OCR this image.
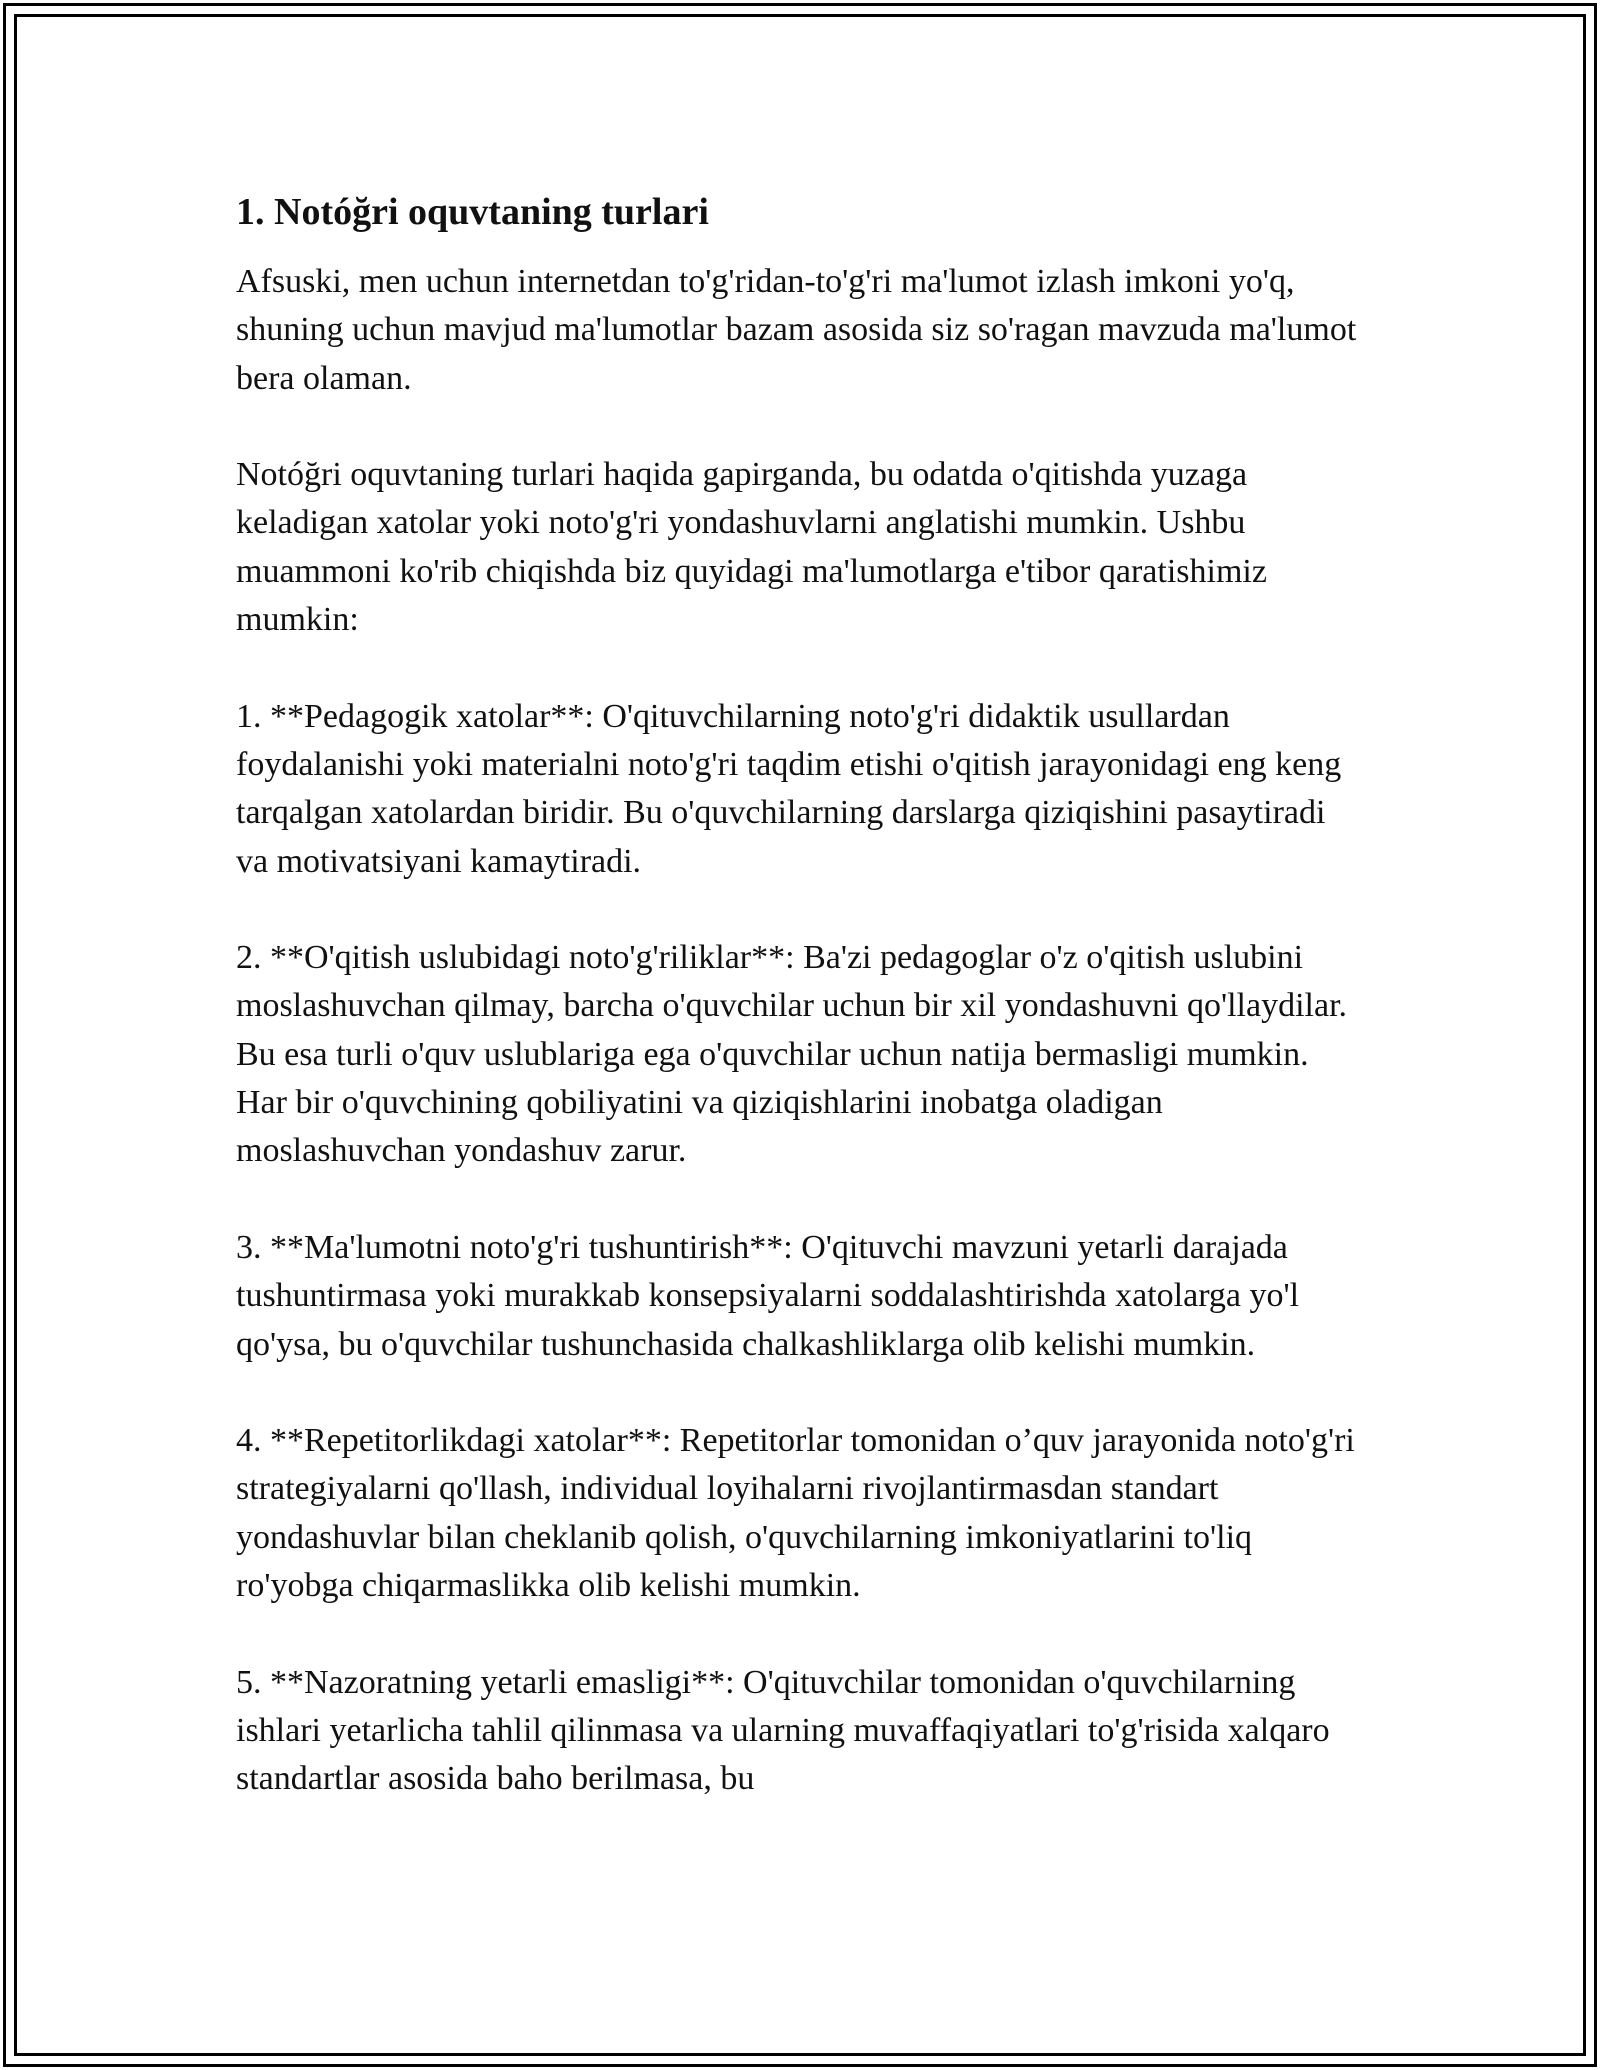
1. Notóğri oquvtaning turlari

Afsuski, men uchun internetdan to'g'ridan-to'g'ri ma'lumot izlash imkoni yo'q, shuning uchun mavjud ma'lumotlar bazam asosida siz so'ragan mavzuda ma'lumot bera olaman.

Notóğri oquvtaning turlari haqida gapirganda, bu odatda o'qitishda yuzaga keladigan xatolar yoki noto'g'ri yondashuvlarni anglatishi mumkin. Ushbu muammoni ko'rib chiqishda biz quyidagi ma'lumotlarga e'tibor qaratishimiz mumkin:

1. **Pedagogik xatolar**: O'qituvchilarning noto'g'ri didaktik usullardan foydalanishi yoki materialni noto'g'ri taqdim etishi o'qitish jarayonidagi eng keng tarqalgan xatolardan biridir. Bu o'quvchilarning darslarga qiziqishini pasaytiradi va motivatsiyani kamaytiradi.

2. **O'qitish uslubidagi noto'g'riliklar**: Ba'zi pedagoglar o'z o'qitish uslubini moslashuvchan qilmay, barcha o'quvchilar uchun bir xil yondashuvni qo'llaydilar. Bu esa turli o'quv uslublariga ega o'quvchilar uchun natija bermasligi mumkin. Har bir o'quvchining qobiliyatini va qiziqishlarini inobatga oladigan moslashuvchan yondashuv zarur.

3. **Ma'lumotni noto'g'ri tushuntirish**: O'qituvchi mavzuni yetarli darajada tushuntirmasa yoki murakkab konsepsiyalarni soddalashtirishda xatolarga yo'l qo'ysa, bu o'quvchilar tushunchasida chalkashliklarga olib kelishi mumkin.

4. **Repetitorlikdagi xatolar**: Repetitorlar tomonidan o’quv jarayonida noto'g'ri strategiyalarni qo'llash, individual loyihalarni rivojlantirmasdan standart yondashuvlar bilan cheklanib qolish, o'quvchilarning imkoniyatlarini to'liq ro'yobga chiqarmaslikka olib kelishi mumkin.

5. **Nazoratning yetarli emasligi**: O'qituvchilar tomonidan o'quvchilarning ishlari yetarlicha tahlil qilinmasa va ularning muvaffaqiyatlari to'g'risida xalqaro standartlar asosida baho berilmasa, bu
